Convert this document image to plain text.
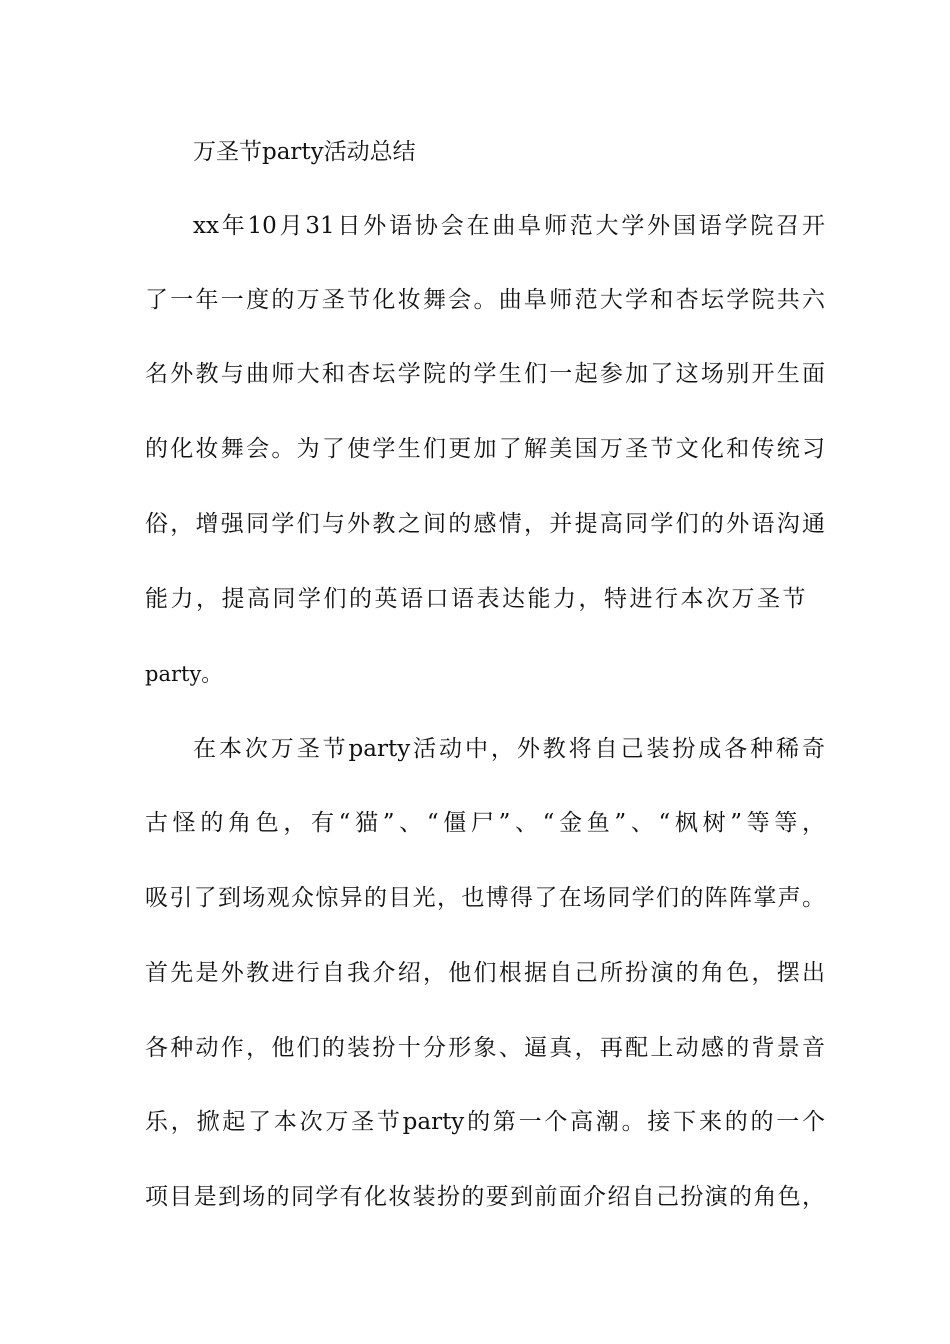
万圣节party活动总结
xx年10月31日外语协会在曲阜师范大学外国语学院召开
了一年一度的万圣节化妆舞会。曲阜师范大学和杏坛学院共六
名外教与曲师大和杏坛学院的学生们一起参加了这场别开生面
的化妆舞会。为了使学生们更加了解美国万圣节文化和传统习
俗，增强同学们与外教之间的感情，并提高同学们的外语沟通
能力，提高同学们的英语口语表达能力，特进行本次万圣节
party。
在本次万圣节party活动中，外教将自己装扮成各种稀奇
古怪的角色，有“猫”、“僵尸”、“金鱼”、“枫树”等等，
吸引了到场观众惊异的目光，也博得了在场同学们的阵阵掌声。
首先是外教进行自我介绍，他们根据自己所扮演的角色，摆出
各种动作，他们的装扮十分形象、逼真，再配上动感的背景音
乐，掀起了本次万圣节party的第一个高潮。接下来的的一个
项目是到场的同学有化妆装扮的要到前面介绍自己扮演的角色，
